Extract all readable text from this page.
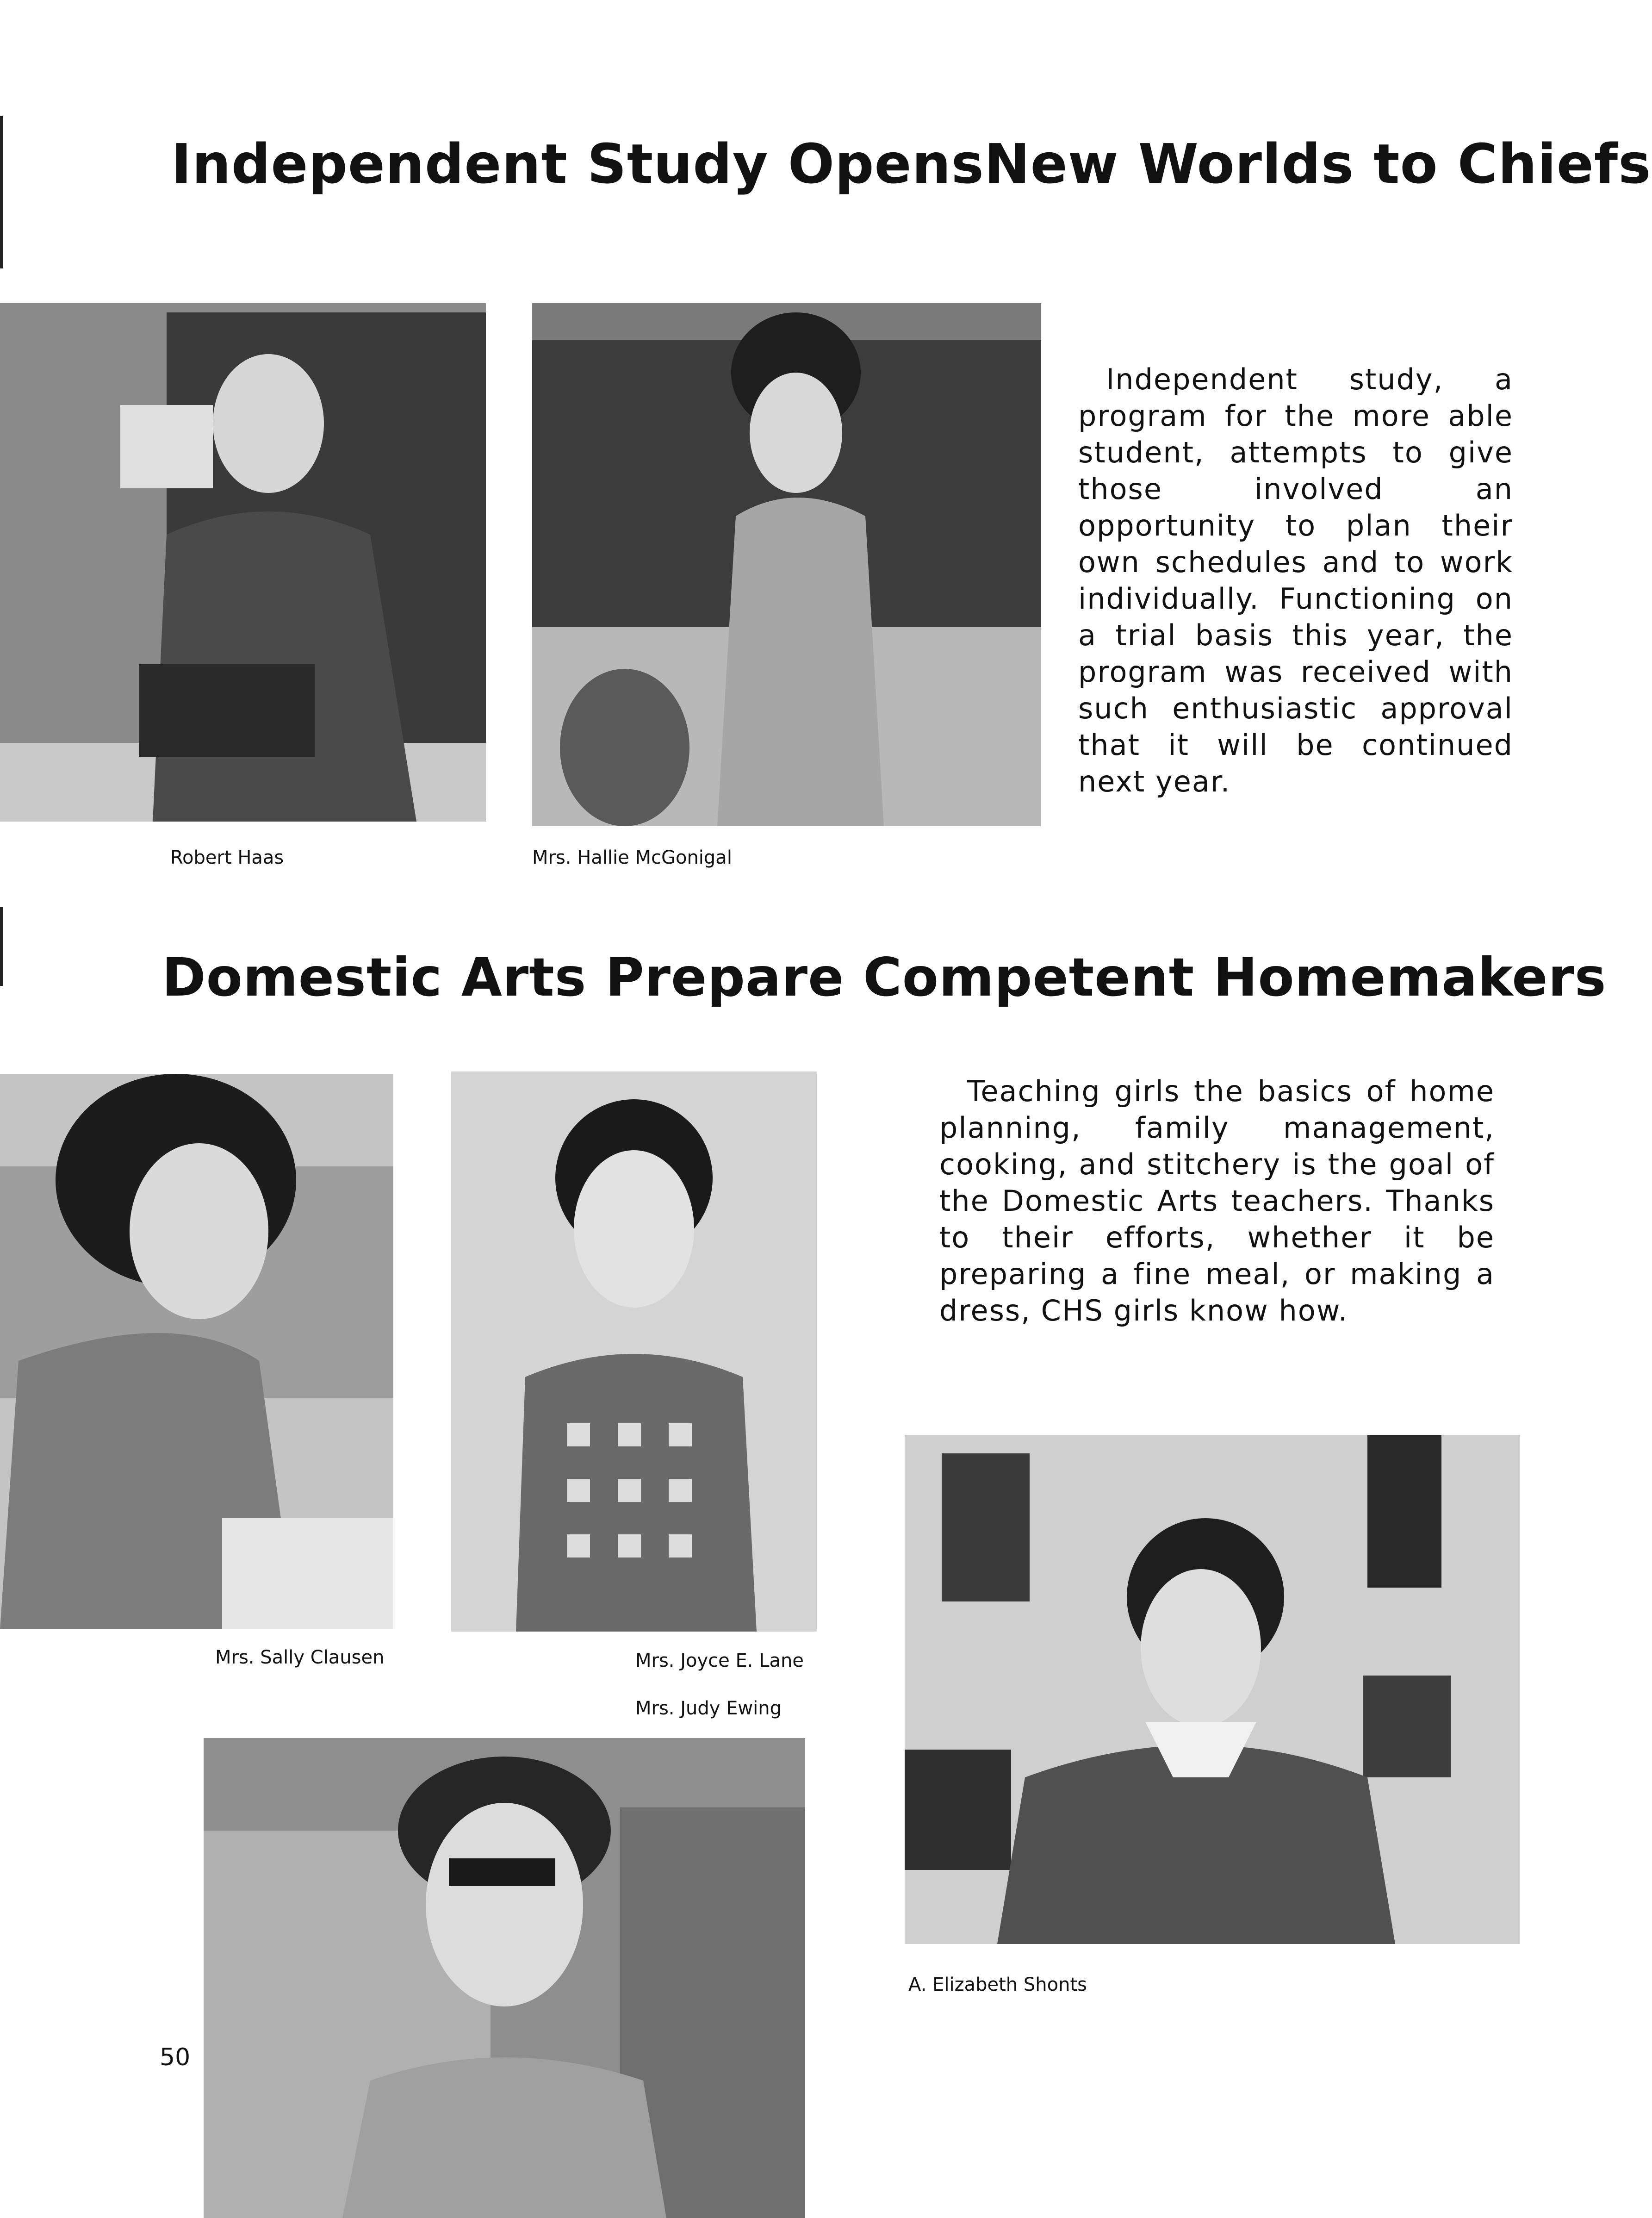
Independent Study OpensNew Worlds to Chiefs

Independent study, a program for the more able student, attempts to give those involved an opportunity to plan their own schedules and to work individually. Functioning on a trial basis this year, the program was received with such enthusiastic approval that it will be continued next year.

Robert Haas	Mrs. Hallie McGonigal

Domestic Arts Prepare Competent Homemakers

Teaching girls the basics of home planning, family management, cooking, and stitchery is the goal of the Domestic Arts teachers. Thanks to their efforts, whether it be preparing a fine meal, or making a dress, CHS girls know how.

Mrs. Sally Clausen	Mrs. Joyce E. Lane

Mrs. Judy Ewing

A. Elizabeth Shonts

50
